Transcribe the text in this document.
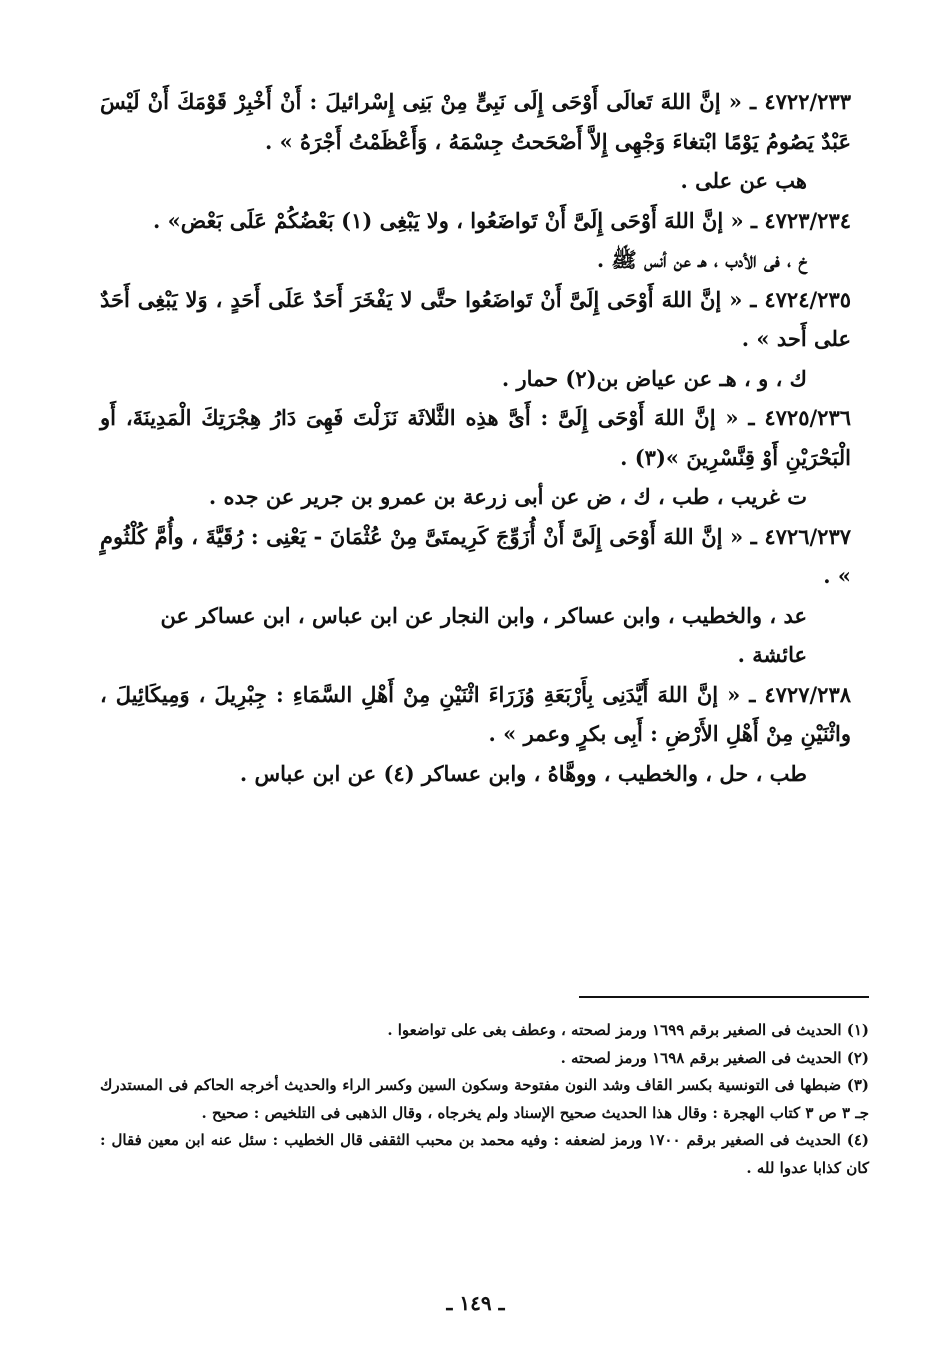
٤٧٢٢/٢٣٣ ـ « إنَّ اللهَ تَعالَى أَوْحَى إِلَى نَبِىٍّ مِنْ بَنِى إِسْرائيلَ : أَنْ أَخْبِرْ قَوْمَكَ أَنْ لَيْسَ عَبْدٌ يَصُومُ يَوْمًا ابْتغاءَ وَجْهِى إِلاَّ أَصْحَحتُ جِسْمَهُ ، وَأَعْظَمْتُ أَجْرَهُ » .

هب عن على .

٤٧٢٣/٢٣٤ ـ « إنَّ اللهَ أَوْحَى إِلَىَّ أَنْ تَواضَعُوا ، ولا يَبْغِى (١) بَعْضُكُمْ عَلَى بَعْض» .

خ ، فى الأدب ، هـ عن أنس ﷺ .

٤٧٢٤/٢٣٥ ـ « إنَّ اللهَ أَوْحَى إِلَىَّ أَنْ تَواضَعُوا حتَّى لا يَفْخَرَ أَحَدٌ عَلَى أَحَدٍ ، وَلا يَبْغِى أَحَدٌ على أَحد » .

ك ، و ، هـ عن عياض بن(٢) حمار .

٤٧٢٥/٢٣٦ ـ « إنَّ اللهَ أَوْحَى إِلَىَّ : أَىَّ هذِه الثَّلاثَة نَزَلْتَ فَهِىَ دَارُ هِجْرَتِكَ الْمَدِينَةَ، أَو الْبَحْرَيْنِ أَوْ قِنَّسْرِينَ »(٣) .

ت غريب ، طب ، ك ، ض عن أبى زرعة بن عمرو بن جرير عن جده .

٤٧٢٦/٢٣٧ ـ « إنَّ اللهَ أَوْحَى إِلَىَّ أَنْ أُزَوِّجَ كَرِيمتَىَّ مِنْ عُثْمَانَ - يَعْنِى : رُقَيَّةَ ، وأُمَّ كُلْثُومٍ » .

عد ، والخطيب ، وابن عساكر ، وابن النجار عن ابن عباس ، ابن عساكر عن عائشة .

٤٧٢٧/٢٣٨ ـ « إنَّ اللهَ أَيَّدَنِى بِأَرْبَعَةِ وُزَرَاءَ اثْنَيْنِ مِنْ أَهْلِ السَّمَاءِ : جِبْرِيلَ ، وَمِيكَائِيلَ ، واثْنَيْنِ مِنْ أَهْلِ الأَرْضِ : أَبِى بكرٍ وعمر » .

طب ، حل ، والخطيب ، ووهَّاهُ ، وابن عساكر (٤) عن ابن عباس .

(١) الحديث فى الصغير برقم ١٦٩٩ ورمز لصحته ، وعطف بغى على تواضعوا .

(٢) الحديث فى الصغير برقم ١٦٩٨ ورمز لصحته .

(٣) ضبطها فى التونسية بكسر القاف وشد النون مفتوحة وسكون السين وكسر الراء والحديث أخرجه الحاكم فى المستدرك جـ ٣ ص ٣ كتاب الهجرة : وقال هذا الحديث صحيح الإسناد ولم يخرجاه ، وقال الذهبى فى التلخيص : صحيح .

(٤) الحديث فى الصغير برقم ١٧٠٠ ورمز لضعفه : وفيه محمد بن محبب الثقفى قال الخطيب : سئل عنه ابن معين فقال : كان كذابا عدوا لله .

ـ ١٤٩ ـ
